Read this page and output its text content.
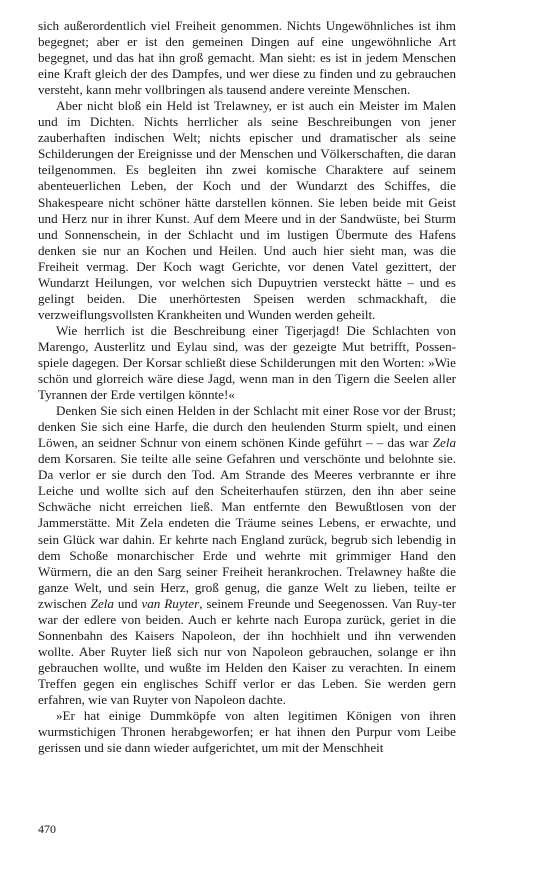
sich außerordentlich viel Freiheit genommen. Nichts Ungewöhnliches ist ihm begegnet; aber er ist den gemeinen Dingen auf eine ungewöhnliche Art begegnet, und das hat ihn groß gemacht. Man sieht: es ist in jedem Menschen eine Kraft gleich der des Dampfes, und wer diese zu finden und zu gebrauchen versteht, kann mehr vollbringen als tausend andere vereinte Menschen.

Aber nicht bloß ein Held ist Trelawney, er ist auch ein Meister im Malen und im Dichten. Nichts herrlicher als seine Beschreibungen von jener zauberhaften indischen Welt; nichts epischer und dramatischer als seine Schilderungen der Ereignisse und der Menschen und Völkerschaften, die daran teilgenommen. Es begleiten ihn zwei komische Charaktere auf seinem abenteuerlichen Leben, der Koch und der Wundarzt des Schiffes, die Shakespeare nicht schöner hätte darstellen können. Sie leben beide mit Geist und Herz nur in ihrer Kunst. Auf dem Meere und in der Sandwüste, bei Sturm und Sonnenschein, in der Schlacht und im lustigen Übermute des Hafens denken sie nur an Kochen und Heilen. Und auch hier sieht man, was die Freiheit vermag. Der Koch wagt Gerichte, vor denen Vatel gezittert, der Wundarzt Heilungen, vor welchen sich Dupuytrien versteckt hätte – und es gelingt beiden. Die unerhörtesten Speisen werden schmackhaft, die verzweiflungsvollsten Krankheiten und Wunden werden geheilt.

Wie herrlich ist die Beschreibung einer Tigerjagd! Die Schlachten von Marengo, Austerlitz und Eylau sind, was der gezeigte Mut betrifft, Possenspiele dagegen. Der Korsar schließt diese Schilderungen mit den Worten: »Wie schön und glorreich wäre diese Jagd, wenn man in den Tigern die Seelen aller Tyrannen der Erde vertilgen könnte!«

Denken Sie sich einen Helden in der Schlacht mit einer Rose vor der Brust; denken Sie sich eine Harfe, die durch den heulenden Sturm spielt, und einen Löwen, an seidner Schnur von einem schönen Kinde geführt – – das war Zela dem Korsaren. Sie teilte alle seine Gefahren und verschönte und belohnte sie. Da verlor er sie durch den Tod. Am Strande des Meeres verbrannte er ihre Leiche und wollte sich auf den Scheiterhaufen stürzen, den ihn aber seine Schwäche nicht erreichen ließ. Man entfernte den Bewußtlosen von der Jammerstätte. Mit Zela endeten die Träume seines Lebens, er erwachte, und sein Glück war dahin. Er kehrte nach England zurück, begrub sich lebendig in dem Schoße monarchischer Erde und wehrte mit grimmiger Hand den Würmern, die an den Sarg seiner Freiheit herankrochen. Trelawney haßte die ganze Welt, und sein Herz, groß genug, die ganze Welt zu lieben, teilte er zwischen Zela und van Ruyter, seinem Freunde und Seegenossen. Van Ruy-ter war der edlere von beiden. Auch er kehrte nach Europa zurück, geriet in die Sonnenbahn des Kaisers Napoleon, der ihn hochhielt und ihn verwenden wollte. Aber Ruyter ließ sich nur von Napoleon gebrauchen, solange er ihn gebrauchen wollte, und wußte im Helden den Kaiser zu verachten. In einem Treffen gegen ein englisches Schiff verlor er das Leben. Sie werden gern erfahren, wie van Ruyter von Napoleon dachte.

»Er hat einige Dummköpfe von alten legitimen Königen von ihren wurmstichigen Thronen herabgeworfen; er hat ihnen den Purpur vom Leibe gerissen und sie dann wieder aufgerichtet, um mit der Menschheit

470
